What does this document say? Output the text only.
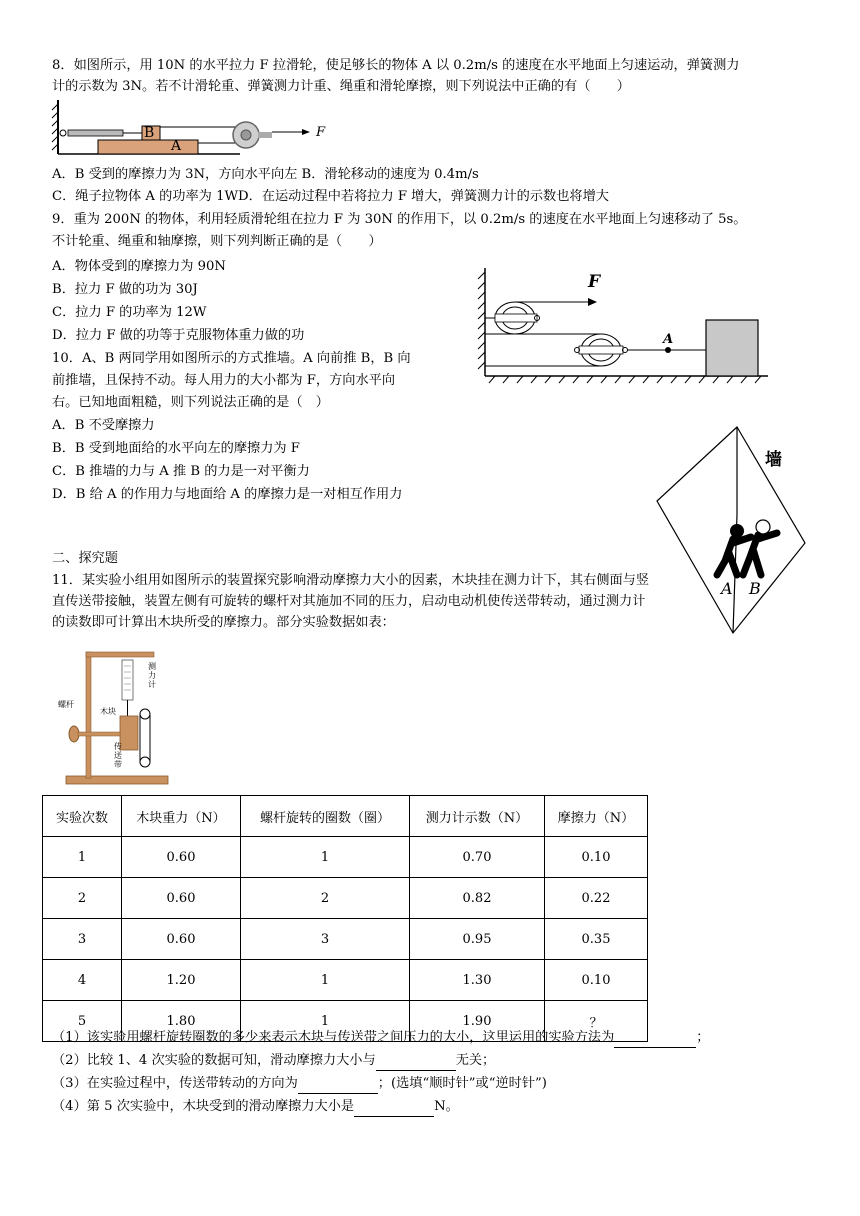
8．如图所示，用 10N 的水平拉力 F 拉滑轮，使足够长的物体 A 以 0.2m/s 的速度在水平地面上匀速运动，弹簧测力
计的示数为 3N。若不计滑轮重、弹簧测力计重、绳重和滑轮摩擦，则下列说法中正确的有（　　）
B
A
F
A．B 受到的摩擦力为 3N，方向水平向左 B．滑轮移动的速度为 0.4m/s
C．绳子拉物体 A 的功率为 1WD．在运动过程中若将拉力 F 增大，弹簧测力计的示数也将增大
9．重为 200N 的物体，利用轻质滑轮组在拉力 F 为 30N 的作用下，以 0.2m/s 的速度在水平地面上匀速移动了 5s。
不计轮重、绳重和轴摩擦，则下列判断正确的是（　　）
A．物体受到的摩擦力为 90N
B．拉力 F 做的功为 30J
C．拉力 F 的功率为 12W
D．拉力 F 做的功等于克服物体重力做的功
F
A
10．A、B 两同学用如图所示的方式推墙。A 向前推 B，B 向
前推墙，且保持不动。每人用力的大小都为 F，方向水平向
右。已知地面粗糙，则下列说法正确的是（　）
A．B 不受摩擦力
B．B 受到地面给的水平向左的摩擦力为 F
C．B 推墙的力与 A 推 B 的力是一对平衡力
D．B 给 A 的作用力与地面给 A 的摩擦力是一对相互作用力
墙
A B
二、探究题
11．某实验小组用如图所示的装置探究影响滑动摩擦力大小的因素，木块挂在测力计下，其右侧面与竖直传送带接触，装置左侧有可旋转的螺杆对其施加不同的压力，启动电动机使传送带转动，通过测力计的读数即可计算出木块所受的摩擦力。部分实验数据如表：
测力计
螺杆
木块
传送带
实验次数	木块重力（N）	螺杆旋转的圈数（圈）	测力计示数（N）	摩擦力（N）
1	0.60	1	0.70	0.10
2	0.60	2	0.82	0.22
3	0.60	3	0.95	0.35
4	1.20	1	1.30	0.10
5	1.80	1	1.90	？
（1）该实验用螺杆旋转圈数的多少来表示木块与传送带之间压力的大小，这里运用的实验方法为	；
（2）比较 1、4 次实验的数据可知，滑动摩擦力大小与	无关；
（3）在实验过程中，传送带转动的方向为	；(选填“顺时针”或“逆时针”)
（4）第 5 次实验中，木块受到的滑动摩擦力大小是	N。
